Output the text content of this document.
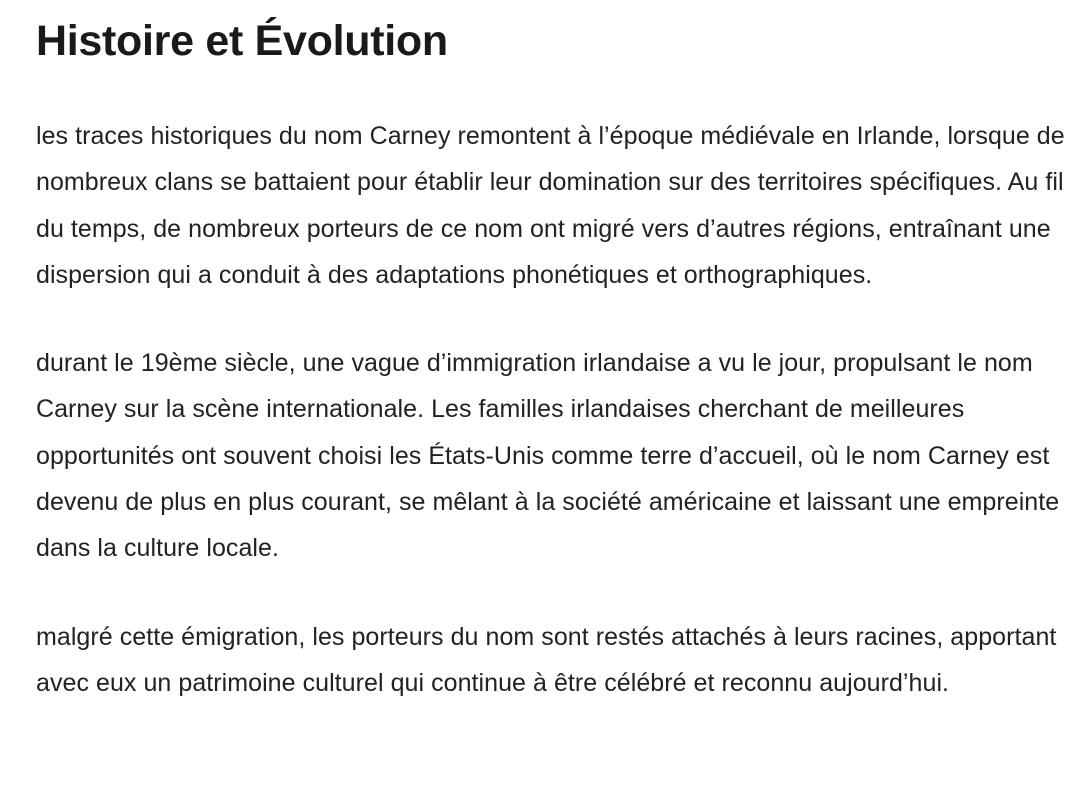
Histoire et Évolution

les traces historiques du nom Carney remontent à l’époque médiévale en Irlande, lorsque de nombreux clans se battaient pour établir leur domination sur des territoires spécifiques. Au fil du temps, de nombreux porteurs de ce nom ont migré vers d’autres régions, entraînant une dispersion qui a conduit à des adaptations phonétiques et orthographiques.

durant le 19ème siècle, une vague d’immigration irlandaise a vu le jour, propulsant le nom Carney sur la scène internationale. Les familles irlandaises cherchant de meilleures opportunités ont souvent choisi les États-Unis comme terre d’accueil, où le nom Carney est devenu de plus en plus courant, se mêlant à la société américaine et laissant une empreinte dans la culture locale.

malgré cette émigration, les porteurs du nom sont restés attachés à leurs racines, apportant avec eux un patrimoine culturel qui continue à être célébré et reconnu aujourd’hui.
